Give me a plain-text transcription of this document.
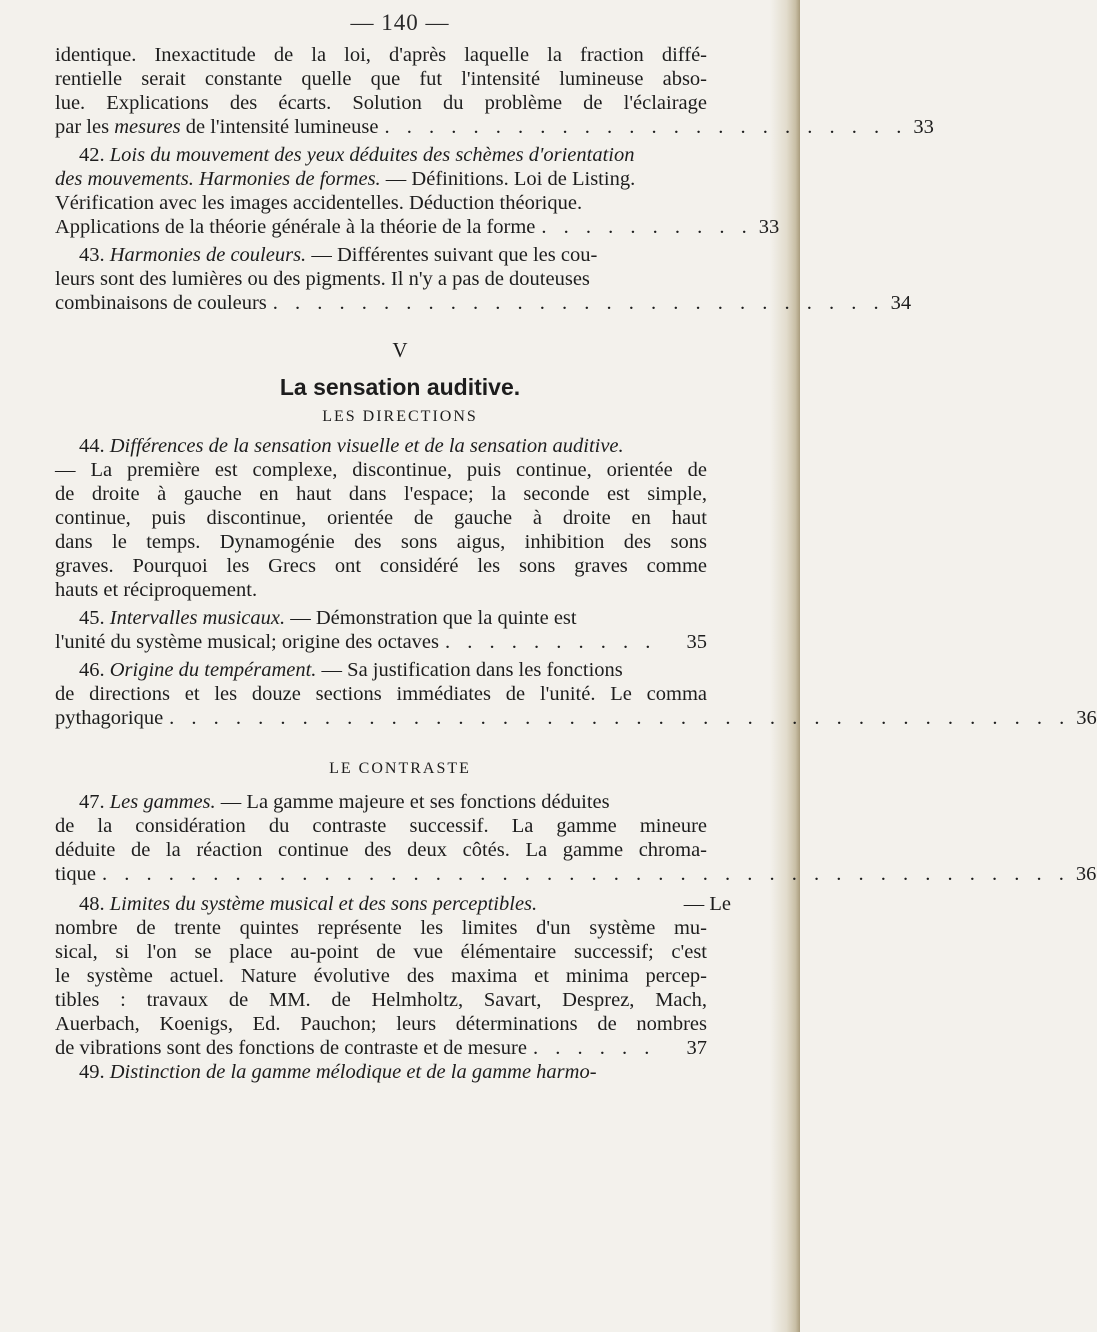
— 140 —
identique. Inexactitude de la loi, d'après laquelle la fraction diffé-
rentielle serait constante quelle que fut l'intensité lumineuse abso-
lue. Explications des écarts. Solution du problème de l'éclairage
par les mesures de l'intensité lumineuse . . . . . . . . . . . . . . . . . . . . . . . . 33
42. Lois du mouvement des yeux déduites des schèmes d'orientation
des mouvements. Harmonies de formes. — Définitions. Loi de Listing.
Vérification avec les images accidentelles. Déduction théorique.
Applications de la théorie générale à la théorie de la forme . . . . . . . . . . 33
43. Harmonies de couleurs. — Différentes suivant que les cou-
leurs sont des lumières ou des pigments. Il n'y a pas de douteuses
combinaisons de couleurs . . . . . . . . . . . . . . . . . . . . . . . . . . . . 34
V
La sensation auditive.
LES DIRECTIONS
44. Différences de la sensation visuelle et de la sensation auditive.
— La première est complexe, discontinue, puis continue, orientée de
de droite à gauche en haut dans l'espace; la seconde est simple,
continue, puis discontinue, orientée de gauche à droite en haut
dans le temps. Dynamogénie des sons aigus, inhibition des sons
graves. Pourquoi les Grecs ont considéré les sons graves comme
hauts et réciproquement.
45. Intervalles musicaux. — Démonstration que la quinte est
l'unité du système musical; origine des octaves . . . . . . . . . .	35
46. Origine du tempérament. — Sa justification dans les fonctions
de directions et les douze sections immédiates de l'unité. Le comma
pythagorique . . . . . . . . . . . . . . . . . . . . . . . . . . . . . . . . . . . . . . . . . 36
LE CONTRASTE
47. Les gammes. — La gamme majeure et ses fonctions déduites
de la considération du contraste successif. La gamme mineure
déduite de la réaction continue des deux côtés. La gamme chroma-
tique . . . . . . . . . . . . . . . . . . . . . . . . . . . . . . . . . . . . . . . . . . . . 36
48. Limites du système musical et des sons perceptibles.	— Le
nombre de trente quintes représente les limites d'un système mu-
sical, si l'on se place au-point de vue élémentaire successif; c'est
le système actuel. Nature évolutive des maxima et minima percep-
tibles : travaux de MM. de Helmholtz, Savart, Desprez, Mach,
Auerbach, Koenigs, Ed. Pauchon; leurs déterminations de nombres
de vibrations sont des fonctions de contraste et de mesure . . . . . .	37
49. Distinction de la gamme mélodique et de la gamme harmo-
